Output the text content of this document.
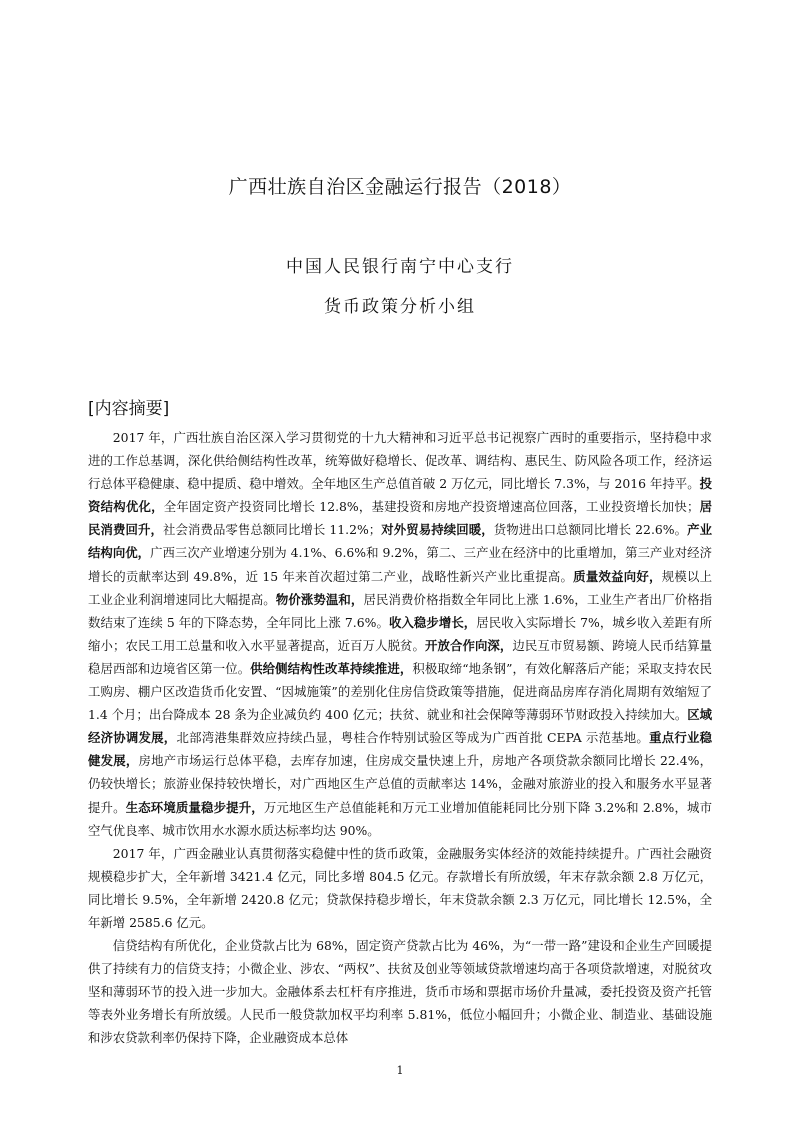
广西壮族自治区金融运行报告（2018）
中国人民银行南宁中心支行
货币政策分析小组
[内容摘要]

2017 年，广西壮族自治区深入学习贯彻党的十九大精神和习近平总书记视察广西时的重要指示，坚持稳中求进的工作总基调，深化供给侧结构性改革，统筹做好稳增长、促改革、调结构、惠民生、防风险各项工作，经济运行总体平稳健康、稳中提质、稳中增效。全年地区生产总值首破 2 万亿元，同比增长 7.3%，与 2016 年持平。投资结构优化，全年固定资产投资同比增长 12.8%，基建投资和房地产投资增速高位回落，工业投资增长加快；居民消费回升，社会消费品零售总额同比增长 11.2%；对外贸易持续回暖，货物进出口总额同比增长 22.6%。产业结构向优，广西三次产业增速分别为 4.1%、6.6%和 9.2%，第二、三产业在经济中的比重增加，第三产业对经济增长的贡献率达到 49.8%，近 15 年来首次超过第二产业，战略性新兴产业比重提高。质量效益向好，规模以上工业企业利润增速同比大幅提高。物价涨势温和，居民消费价格指数全年同比上涨 1.6%，工业生产者出厂价格指数结束了连续 5 年的下降态势，全年同比上涨 7.6%。收入稳步增长，居民收入实际增长 7%，城乡收入差距有所缩小；农民工用工总量和收入水平显著提高，近百万人脱贫。开放合作向深，边民互市贸易额、跨境人民币结算量稳居西部和边境省区第一位。供给侧结构性改革持续推进，积极取缔“地条钢”，有效化解落后产能；采取支持农民工购房、棚户区改造货币化安置、“因城施策”的差别化住房信贷政策等措施，促进商品房库存消化周期有效缩短了 1.4 个月；出台降成本 28 条为企业减负约 400 亿元；扶贫、就业和社会保障等薄弱环节财政投入持续加大。区域经济协调发展，北部湾港集群效应持续凸显，粤桂合作特别试验区等成为广西首批 CEPA 示范基地。重点行业稳健发展，房地产市场运行总体平稳，去库存加速，住房成交量快速上升，房地产各项贷款余额同比增长 22.4%，仍较快增长；旅游业保持较快增长，对广西地区生产总值的贡献率达 14%，金融对旅游业的投入和服务水平显著提升。生态环境质量稳步提升，万元地区生产总值能耗和万元工业增加值能耗同比分别下降 3.2%和 2.8%，城市空气优良率、城市饮用水水源水质达标率均达 90%。

2017 年，广西金融业认真贯彻落实稳健中性的货币政策，金融服务实体经济的效能持续提升。广西社会融资规模稳步扩大，全年新增 3421.4 亿元，同比多增 804.5 亿元。存款增长有所放缓，年末存款余额 2.8 万亿元，同比增长 9.5%，全年新增 2420.8 亿元；贷款保持稳步增长，年末贷款余额 2.3 万亿元，同比增长 12.5%，全年新增 2585.6 亿元。

信贷结构有所优化，企业贷款占比为 68%，固定资产贷款占比为 46%，为“一带一路”建设和企业生产回暖提供了持续有力的信贷支持；小微企业、涉农、“两权”、扶贫及创业等领域贷款增速均高于各项贷款增速，对脱贫攻坚和薄弱环节的投入进一步加大。金融体系去杠杆有序推进，货币市场和票据市场价升量减，委托投资及资产托管等表外业务增长有所放缓。人民币一般贷款加权平均利率 5.81%，低位小幅回升；小微企业、制造业、基础设施和涉农贷款利率仍保持下降，企业融资成本总体

1
